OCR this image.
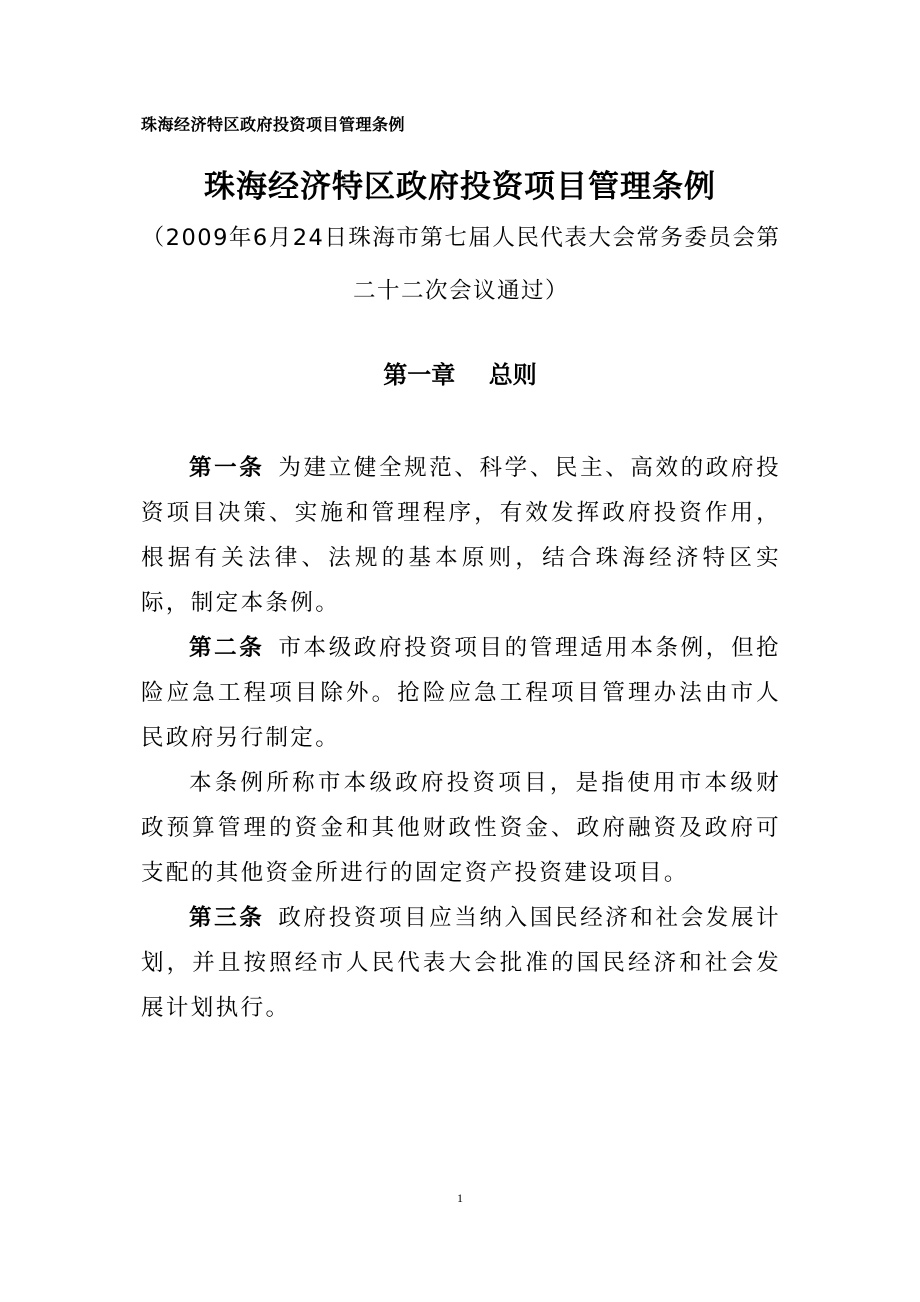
珠海经济特区政府投资项目管理条例
珠海经济特区政府投资项目管理条例
（2009年6月24日珠海市第七届人民代表大会常务委员会第二十二次会议通过）
第一章 总则

第一条 为建立健全规范、科学、民主、高效的政府投资项目决策、实施和管理程序，有效发挥政府投资作用，根据有关法律、法规的基本原则，结合珠海经济特区实际，制定本条例。

第二条 市本级政府投资项目的管理适用本条例，但抢险应急工程项目除外。抢险应急工程项目管理办法由市人民政府另行制定。

本条例所称市本级政府投资项目，是指使用市本级财政预算管理的资金和其他财政性资金、政府融资及政府可支配的其他资金所进行的固定资产投资建设项目。

第三条 政府投资项目应当纳入国民经济和社会发展计划，并且按照经市人民代表大会批准的国民经济和社会发展计划执行。

1
